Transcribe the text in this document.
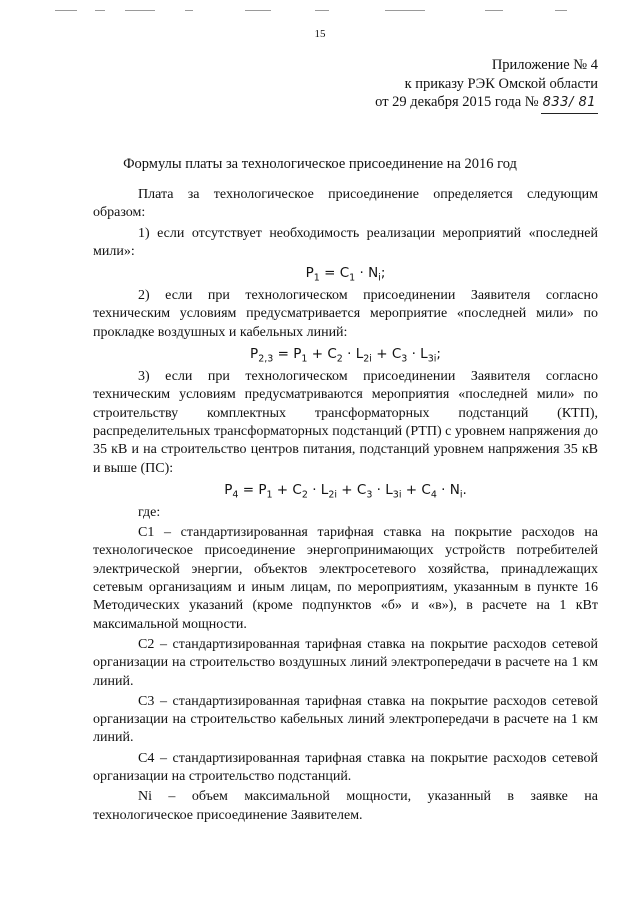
15
Приложение № 4
к приказу РЭК Омской области
от 29 декабря 2015 года № 833/ 81
Формулы платы за технологическое присоединение на 2016 год

Плата за технологическое присоединение определяется следующим образом:

1) если отсутствует необходимость реализации мероприятий «последней мили»:

$P_1 = C_1 \cdot N_i$;

2) если при технологическом присоединении Заявителя согласно техническим условиям предусматривается мероприятие «последней мили» по прокладке воздушных и кабельных линий:

$P_{2,3} = P_1 + C_2 \cdot L_{2i} + C_3 \cdot L_{3i}$;

3) если при технологическом присоединении Заявителя согласно техническим условиям предусматриваются мероприятия «последней мили» по строительству комплектных трансформаторных подстанций (КТП), распределительных трансформаторных подстанций (РТП) с уровнем напряжения до 35 кВ и на строительство центров питания, подстанций уровнем напряжения 35 кВ и выше (ПС):

$P_4 = P_1 + C_2 \cdot L_{2i} + C_3 \cdot L_{3i} + C_4 \cdot N_i$.

где:

C1 – стандартизированная тарифная ставка на покрытие расходов на технологическое присоединение энергопринимающих устройств потребителей электрической энергии, объектов электросетевого хозяйства, принадлежащих сетевым организациям и иным лицам, по мероприятиям, указанным в пункте 16 Методических указаний (кроме подпунктов «б» и «в»), в расчете на 1 кВт максимальной мощности.

С2 – стандартизированная тарифная ставка на покрытие расходов сетевой организации на строительство воздушных линий электропередачи в расчете на 1 км линий.

С3 – стандартизированная тарифная ставка на покрытие расходов сетевой организации на строительство кабельных линий электропередачи в расчете на 1 км линий.

С4 – стандартизированная тарифная ставка на покрытие расходов сетевой организации на строительство подстанций.

Ni – объем максимальной мощности, указанный в заявке на технологическое присоединение Заявителем.
